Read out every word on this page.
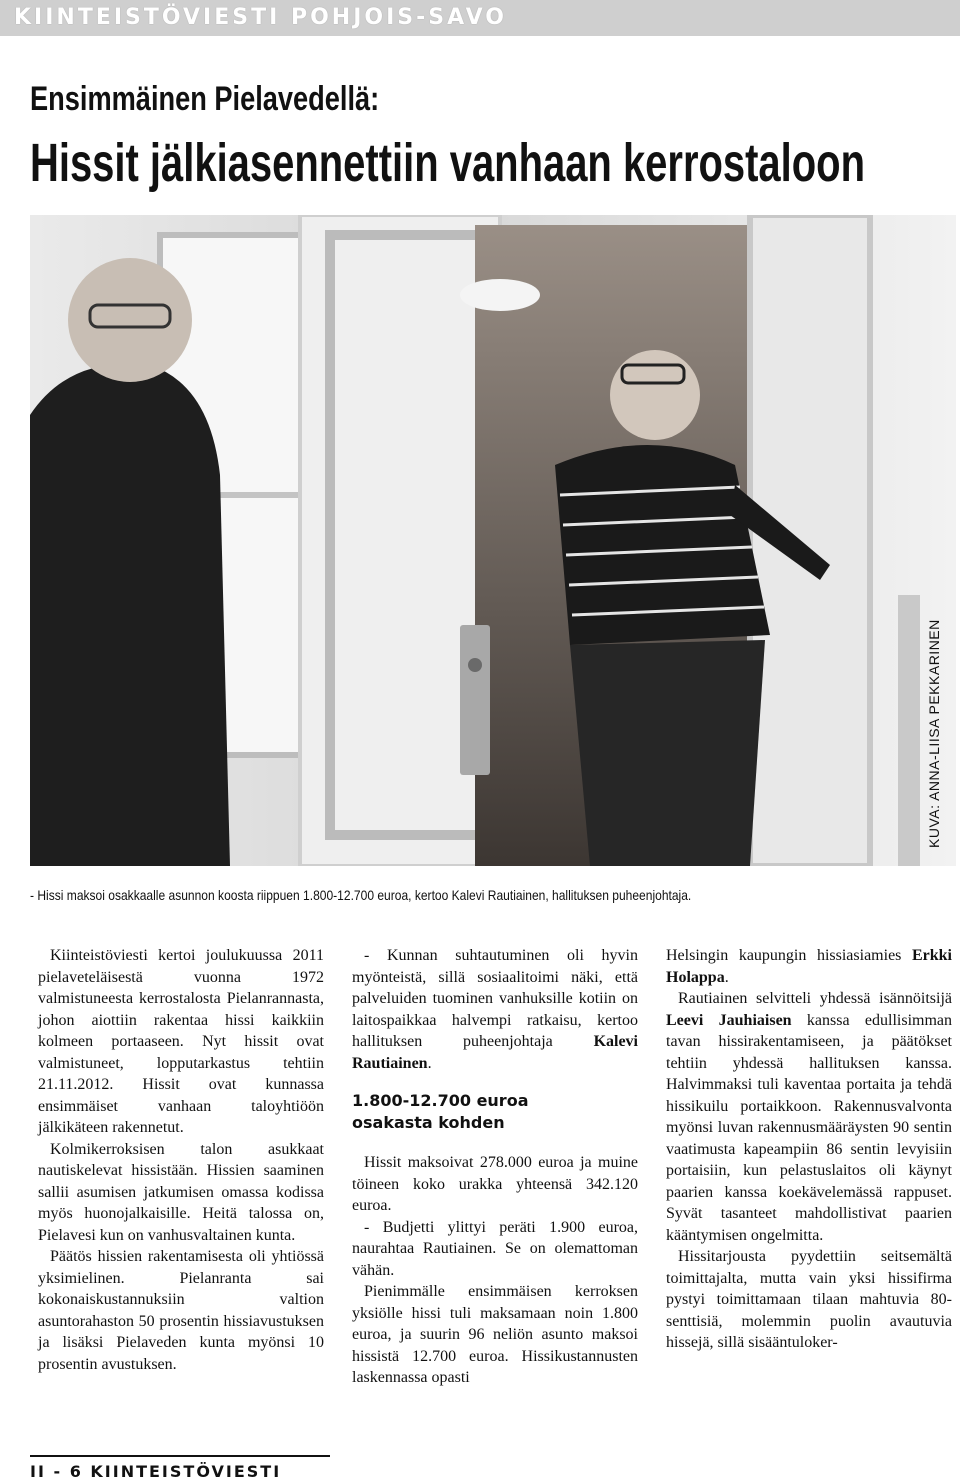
KIINTEISTÖVIESTI POHJOIS-SAVO
Ensimmäinen Pielavedellä:
Hissit jälkiasennettiin vanhaan kerrostaloon
KUVA: ANNA-LIISA PEKKARINEN
- Hissi maksoi osakkaalle asunnon koosta riippuen 1.800-12.700 euroa, kertoo Kalevi Rautiainen, hallituksen puheenjohtaja.

Kiinteistöviesti kertoi joulukuussa 2011 pielaveteläisestä vuonna 1972 valmistuneesta kerrostalosta Pielanrannasta, johon aiottiin rakentaa hissi kaikkiin kolmeen portaaseen. Nyt hissit ovat valmistuneet, lopputarkastus tehtiin 21.11.2012. Hissit ovat kunnassa ensimmäiset vanhaan taloyhtiöön jälkikäteen rakennetut.

Kolmikerroksisen talon asukkaat nautiskelevat hissistään. Hissien saaminen sallii asumisen jatkumisen omassa kodissa myös huonojalkaisille. Heitä talossa on, Pielavesi kun on vanhusvaltainen kunta.

Päätös hissien rakentamisesta oli yhtiössä yksimielinen. Pielanranta sai kokonaiskustannuksiin valtion asuntorahaston 50 prosentin hissiavustuksen ja lisäksi Pielaveden kunta myönsi 10 prosentin avustuksen.

- Kunnan suhtautuminen oli hyvin myönteistä, sillä sosiaalitoimi näki, että palveluiden tuominen vanhuksille kotiin on laitospaikkaa halvempi ratkaisu, kertoo hallituksen puheenjohtaja Kalevi Rautiainen.

1.800-12.700 euroa
osakasta kohden

Hissit maksoivat 278.000 euroa ja muine töineen koko urakka yhteensä 342.120 euroa.

- Budjetti ylittyi peräti 1.900 euroa, naurahtaa Rautiainen. Se on olemattoman vähän.

Pienimmälle ensimmäisen kerroksen yksiölle hissi tuli maksamaan noin 1.800 euroa, ja suurin 96 neliön asunto maksoi hissistä 12.700 euroa. Hissikustannusten laskennassa opasti

Helsingin kaupungin hissiasiamies Erkki Holappa.

Rautiainen selvitteli yhdessä isännöitsijä Leevi Jauhiaisen kanssa edullisimman tavan hissirakentamiseen, ja päätökset tehtiin yhdessä hallituksen kanssa. Halvimmaksi tuli kaventaa portaita ja tehdä hissikuilu portaikkoon. Rakennusvalvonta myönsi luvan rakennusmääräysten 90 sentin vaatimusta kapeampiin 86 sentin levyisiin portaisiin, kun pelastuslaitos oli käynyt paarien kanssa koekävelemässä rappuset. Syvät tasanteet mahdollistivat paarien kääntymisen ongelmitta.

Hissitarjousta pyydettiin seitsemältä toimittajalta, mutta vain yksi hissifirma pystyi toimittamaan tilaan mahtuvia 80-senttisiä, molemmin puolin avautuvia hissejä, sillä sisääntuloker-

II - 6 KIINTEISTÖVIESTI
